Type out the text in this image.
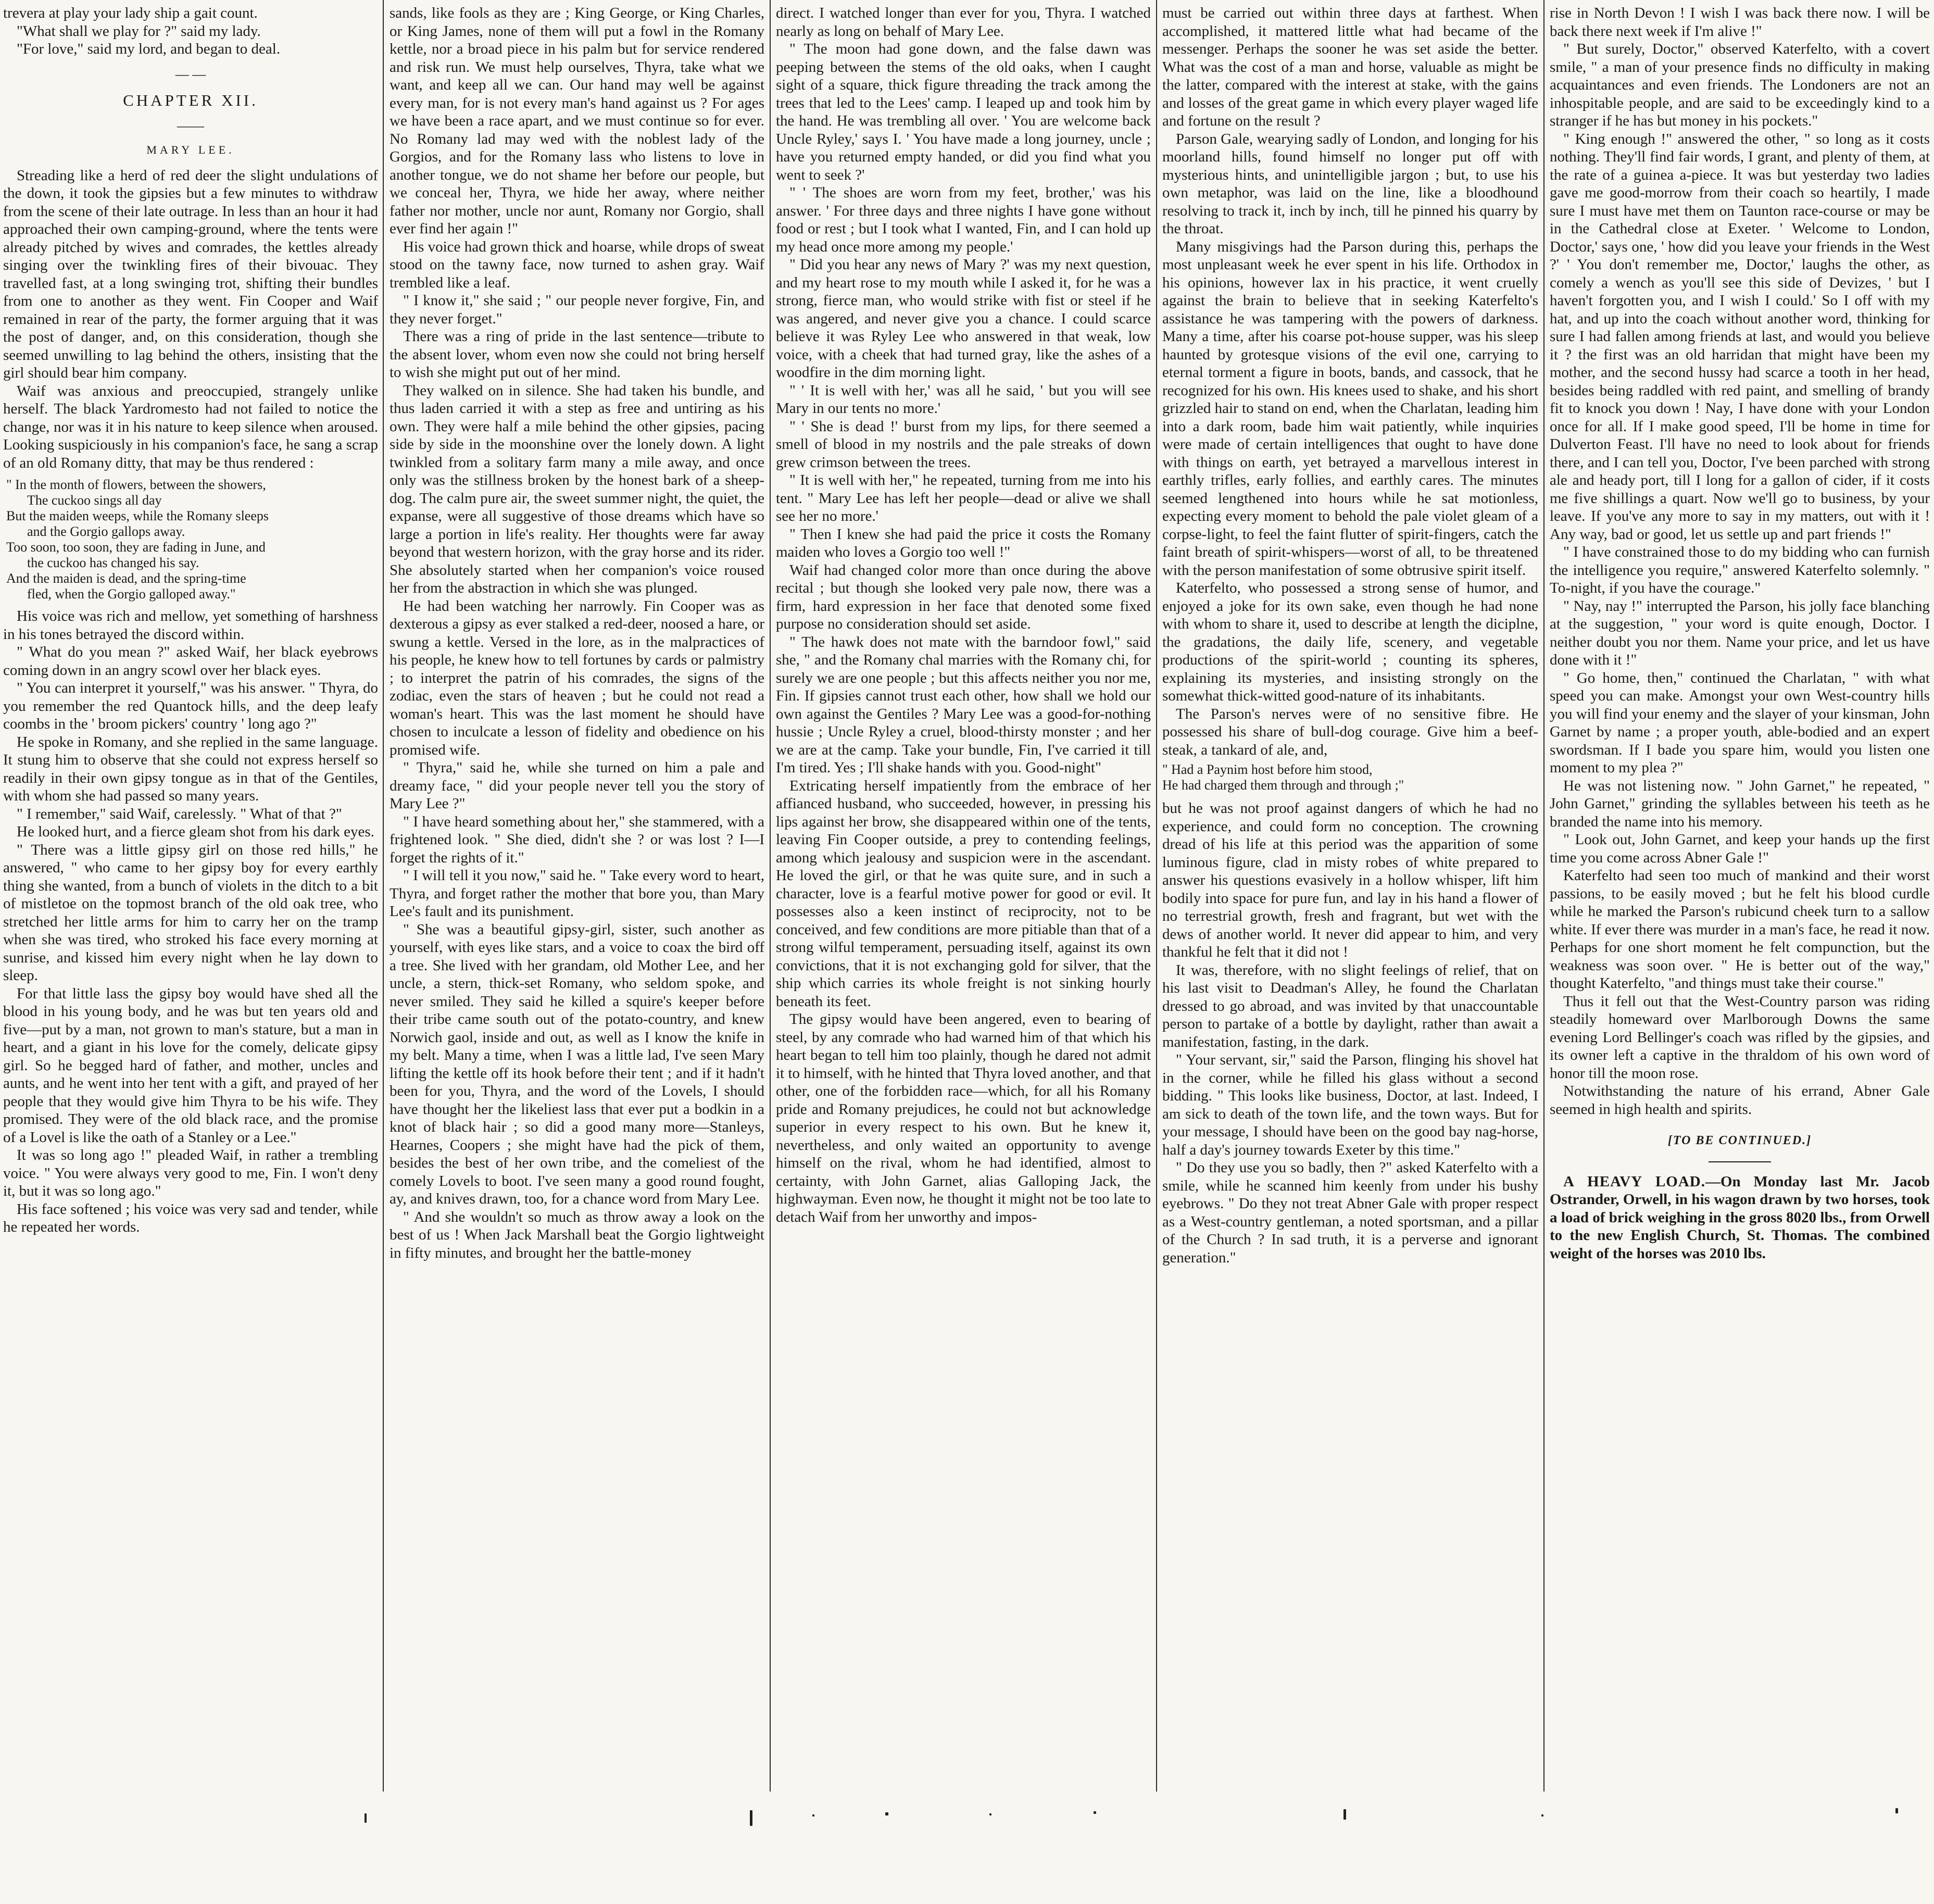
trevera at play your lady ship a gait count.

"What shall we play for ?" said my lady.

"For love," said my lord, and began to deal.

— —

CHAPTER XII.

——

MARY LEE.

Streading like a herd of red deer the slight undulations of the down, it took the gipsies but a few minutes to withdraw from the scene of their late outrage. In less than an hour it had approached their own camping-ground, where the tents were already pitched by wives and comrades, the kettles already singing over the twinkling fires of their bivouac. They travelled fast, at a long swinging trot, shifting their bundles from one to another as they went. Fin Cooper and Waif remained in rear of the party, the former arguing that it was the post of danger, and, on this consideration, though she seemed unwilling to lag behind the others, insisting that the girl should bear him company.

Waif was anxious and preoccupied, strangely unlike herself. The black Yardromesto had not failed to notice the change, nor was it in his nature to keep silence when aroused. Looking suspiciously in his companion's face, he sang a scrap of an old Romany ditty, that may be thus rendered :

" In the month of flowers, between the showers,
The cuckoo sings all day
But the maiden weeps, while the Romany sleeps
and the Gorgio gallops away.
Too soon, too soon, they are fading in June, and
the cuckoo has changed his say.
And the maiden is dead, and the spring-time
fled, when the Gorgio galloped away."

His voice was rich and mellow, yet something of harshness in his tones betrayed the discord within.

" What do you mean ?" asked Waif, her black eyebrows coming down in an angry scowl over her black eyes.

" You can interpret it yourself," was his answer. " Thyra, do you remember the red Quantock hills, and the deep leafy coombs in the ' broom pickers' country ' long ago ?"

He spoke in Romany, and she replied in the same language. It stung him to observe that she could not express herself so readily in their own gipsy tongue as in that of the Gentiles, with whom she had passed so many years.

" I remember," said Waif, carelessly. " What of that ?"

He looked hurt, and a fierce gleam shot from his dark eyes.

" There was a little gipsy girl on those red hills," he answered, " who came to her gipsy boy for every earthly thing she wanted, from a bunch of violets in the ditch to a bit of mistletoe on the topmost branch of the old oak tree, who stretched her little arms for him to carry her on the tramp when she was tired, who stroked his face every morning at sunrise, and kissed him every night when he lay down to sleep.

For that little lass the gipsy boy would have shed all the blood in his young body, and he was but ten years old and five—put by a man, not grown to man's stature, but a man in heart, and a giant in his love for the comely, delicate gipsy girl. So he begged hard of father, and mother, uncles and aunts, and he went into her tent with a gift, and prayed of her people that they would give him Thyra to be his wife. They promised. They were of the old black race, and the promise of a Lovel is like the oath of a Stanley or a Lee."

It was so long ago !" pleaded Waif, in rather a trembling voice. " You were always very good to me, Fin. I won't deny it, but it was so long ago."

His face softened ; his voice was very sad and tender, while he repeated her words.

sands, like fools as they are ; King George, or King Charles, or King James, none of them will put a fowl in the Romany kettle, nor a broad piece in his palm but for service rendered and risk run. We must help ourselves, Thyra, take what we want, and keep all we can. Our hand may well be against every man, for is not every man's hand against us ? For ages we have been a race apart, and we must continue so for ever. No Romany lad may wed with the noblest lady of the Gorgios, and for the Romany lass who listens to love in another tongue, we do not shame her before our people, but we conceal her, Thyra, we hide her away, where neither father nor mother, uncle nor aunt, Romany nor Gorgio, shall ever find her again !"

His voice had grown thick and hoarse, while drops of sweat stood on the tawny face, now turned to ashen gray. Waif trembled like a leaf.

" I know it," she said ; " our people never forgive, Fin, and they never forget."

There was a ring of pride in the last sentence—tribute to the absent lover, whom even now she could not bring herself to wish she might put out of her mind.

They walked on in silence. She had taken his bundle, and thus laden carried it with a step as free and untiring as his own. They were half a mile behind the other gipsies, pacing side by side in the moonshine over the lonely down. A light twinkled from a solitary farm many a mile away, and once only was the stillness broken by the honest bark of a sheep-dog. The calm pure air, the sweet summer night, the quiet, the expanse, were all suggestive of those dreams which have so large a portion in life's reality. Her thoughts were far away beyond that western horizon, with the gray horse and its rider. She absolutely started when her companion's voice roused her from the abstraction in which she was plunged.

He had been watching her narrowly. Fin Cooper was as dexterous a gipsy as ever stalked a red-deer, noosed a hare, or swung a kettle. Versed in the lore, as in the malpractices of his people, he knew how to tell fortunes by cards or palmistry ; to interpret the patrin of his comrades, the signs of the zodiac, even the stars of heaven ; but he could not read a woman's heart. This was the last moment he should have chosen to inculcate a lesson of fidelity and obedience on his promised wife.

" Thyra," said he, while she turned on him a pale and dreamy face, " did your people never tell you the story of Mary Lee ?"

" I have heard something about her," she stammered, with a frightened look. " She died, didn't she ? or was lost ? I—I forget the rights of it."

" I will tell it you now," said he. " Take every word to heart, Thyra, and forget rather the mother that bore you, than Mary Lee's fault and its punishment.

" She was a beautiful gipsy-girl, sister, such another as yourself, with eyes like stars, and a voice to coax the bird off a tree. She lived with her grandam, old Mother Lee, and her uncle, a stern, thick-set Romany, who seldom spoke, and never smiled. They said he killed a squire's keeper before their tribe came south out of the potato-country, and knew Norwich gaol, inside and out, as well as I know the knife in my belt. Many a time, when I was a little lad, I've seen Mary lifting the kettle off its hook before their tent ; and if it hadn't been for you, Thyra, and the word of the Lovels, I should have thought her the likeliest lass that ever put a bodkin in a knot of black hair ; so did a good many more—Stanleys, Hearnes, Coopers ; she might have had the pick of them, besides the best of her own tribe, and the comeliest of the comely Lovels to boot. I've seen many a good round fought, ay, and knives drawn, too, for a chance word from Mary Lee.

" And she wouldn't so much as throw away a look on the best of us ! When Jack Marshall beat the Gorgio lightweight in fifty minutes, and brought her the battle-money

direct. I watched longer than ever for you, Thyra. I watched nearly as long on behalf of Mary Lee.

" The moon had gone down, and the false dawn was peeping between the stems of the old oaks, when I caught sight of a square, thick figure threading the track among the trees that led to the Lees' camp. I leaped up and took him by the hand. He was trembling all over. ' You are welcome back Uncle Ryley,' says I. ' You have made a long journey, uncle ; have you returned empty handed, or did you find what you went to seek ?'

" ' The shoes are worn from my feet, brother,' was his answer. ' For three days and three nights I have gone without food or rest ; but I took what I wanted, Fin, and I can hold up my head once more among my people.'

" Did you hear any news of Mary ?' was my next question, and my heart rose to my mouth while I asked it, for he was a strong, fierce man, who would strike with fist or steel if he was angered, and never give you a chance. I could scarce believe it was Ryley Lee who answered in that weak, low voice, with a cheek that had turned gray, like the ashes of a woodfire in the dim morning light.

" ' It is well with her,' was all he said, ' but you will see Mary in our tents no more.'

" ' She is dead !' burst from my lips, for there seemed a smell of blood in my nostrils and the pale streaks of down grew crimson between the trees.

" It is well with her," he repeated, turning from me into his tent. " Mary Lee has left her people—dead or alive we shall see her no more.'

" Then I knew she had paid the price it costs the Romany maiden who loves a Gorgio too well !"

Waif had changed color more than once during the above recital ; but though she looked very pale now, there was a firm, hard expression in her face that denoted some fixed purpose no consideration should set aside.

" The hawk does not mate with the barndoor fowl," said she, " and the Romany chal marries with the Romany chi, for surely we are one people ; but this affects neither you nor me, Fin. If gipsies cannot trust each other, how shall we hold our own against the Gentiles ? Mary Lee was a good-for-nothing hussie ; Uncle Ryley a cruel, blood-thirsty monster ; and her we are at the camp. Take your bundle, Fin, I've carried it till I'm tired. Yes ; I'll shake hands with you. Good-night"

Extricating herself impatiently from the embrace of her affianced husband, who succeeded, however, in pressing his lips against her brow, she disappeared within one of the tents, leaving Fin Cooper outside, a prey to contending feelings, among which jealousy and suspicion were in the ascendant. He loved the girl, or that he was quite sure, and in such a character, love is a fearful motive power for good or evil. It possesses also a keen instinct of reciprocity, not to be conceived, and few conditions are more pitiable than that of a strong wilful temperament, persuading itself, against its own convictions, that it is not exchanging gold for silver, that the ship which carries its whole freight is not sinking hourly beneath its feet.

The gipsy would have been angered, even to bearing of steel, by any comrade who had warned him of that which his heart began to tell him too plainly, though he dared not admit it to himself, with he hinted that Thyra loved another, and that other, one of the forbidden race—which, for all his Romany pride and Romany prejudices, he could not but acknowledge superior in every respect to his own. But he knew it, nevertheless, and only waited an opportunity to avenge himself on the rival, whom he had identified, almost to certainty, with John Garnet, alias Galloping Jack, the highwayman. Even now, he thought it might not be too late to detach Waif from her unworthy and impos-

must be carried out within three days at farthest. When accomplished, it mattered little what had became of the messenger. Perhaps the sooner he was set aside the better. What was the cost of a man and horse, valuable as might be the latter, compared with the interest at stake, with the gains and losses of the great game in which every player waged life and fortune on the result ?

Parson Gale, wearying sadly of London, and longing for his moorland hills, found himself no longer put off with mysterious hints, and unintelligible jargon ; but, to use his own metaphor, was laid on the line, like a bloodhound resolving to track it, inch by inch, till he pinned his quarry by the throat.

Many misgivings had the Parson during this, perhaps the most unpleasant week he ever spent in his life. Orthodox in his opinions, however lax in his practice, it went cruelly against the brain to believe that in seeking Katerfelto's assistance he was tampering with the powers of darkness. Many a time, after his coarse pot-house supper, was his sleep haunted by grotesque visions of the evil one, carrying to eternal torment a figure in boots, bands, and cassock, that he recognized for his own. His knees used to shake, and his short grizzled hair to stand on end, when the Charlatan, leading him into a dark room, bade him wait patiently, while inquiries were made of certain intelligences that ought to have done with things on earth, yet betrayed a marvellous interest in earthly trifles, early follies, and earthly cares. The minutes seemed lengthened into hours while he sat motionless, expecting every moment to behold the pale violet gleam of a corpse-light, to feel the faint flutter of spirit-fingers, catch the faint breath of spirit-whispers—worst of all, to be threatened with the person manifestation of some obtrusive spirit itself.

Katerfelto, who possessed a strong sense of humor, and enjoyed a joke for its own sake, even though he had none with whom to share it, used to describe at length the diciplne, the gradations, the daily life, scenery, and vegetable productions of the spirit-world ; counting its spheres, explaining its mysteries, and insisting strongly on the somewhat thick-witted good-nature of its inhabitants.

The Parson's nerves were of no sensitive fibre. He possessed his share of bull-dog courage. Give him a beef-steak, a tankard of ale, and,

" Had a Paynim host before him stood,
He had charged them through and through ;"

but he was not proof against dangers of which he had no experience, and could form no conception. The crowning dread of his life at this period was the apparition of some luminous figure, clad in misty robes of white prepared to answer his questions evasively in a hollow whisper, lift him bodily into space for pure fun, and lay in his hand a flower of no terrestrial growth, fresh and fragrant, but wet with the dews of another world. It never did appear to him, and very thankful he felt that it did not !

It was, therefore, with no slight feelings of relief, that on his last visit to Deadman's Alley, he found the Charlatan dressed to go abroad, and was invited by that unaccountable person to partake of a bottle by daylight, rather than await a manifestation, fasting, in the dark.

" Your servant, sir," said the Parson, flinging his shovel hat in the corner, while he filled his glass without a second bidding. " This looks like business, Doctor, at last. Indeed, I am sick to death of the town life, and the town ways. But for your message, I should have been on the good bay nag-horse, half a day's journey towards Exeter by this time."

" Do they use you so badly, then ?" asked Katerfelto with a smile, while he scanned him keenly from under his bushy eyebrows. " Do they not treat Abner Gale with proper respect as a West-country gentleman, a noted sportsman, and a pillar of the Church ? In sad truth, it is a perverse and ignorant generation."

rise in North Devon ! I wish I was back there now. I will be back there next week if I'm alive !"

" But surely, Doctor," observed Katerfelto, with a covert smile, " a man of your presence finds no difficulty in making acquaintances and even friends. The Londoners are not an inhospitable people, and are said to be exceedingly kind to a stranger if he has but money in his pockets."

" King enough !" answered the other, " so long as it costs nothing. They'll find fair words, I grant, and plenty of them, at the rate of a guinea a-piece. It was but yesterday two ladies gave me good-morrow from their coach so heartily, I made sure I must have met them on Taunton race-course or may be in the Cathedral close at Exeter. ' Welcome to London, Doctor,' says one, ' how did you leave your friends in the West ?' ' You don't remember me, Doctor,' laughs the other, as comely a wench as you'll see this side of Devizes, ' but I haven't forgotten you, and I wish I could.' So I off with my hat, and up into the coach without another word, thinking for sure I had fallen among friends at last, and would you believe it ? the first was an old harridan that might have been my mother, and the second hussy had scarce a tooth in her head, besides being raddled with red paint, and smelling of brandy fit to knock you down ! Nay, I have done with your London once for all. If I make good speed, I'll be home in time for Dulverton Feast. I'll have no need to look about for friends there, and I can tell you, Doctor, I've been parched with strong ale and heady port, till I long for a gallon of cider, if it costs me five shillings a quart. Now we'll go to business, by your leave. If you've any more to say in my matters, out with it ! Any way, bad or good, let us settle up and part friends !"

" I have constrained those to do my bidding who can furnish the intelligence you require," answered Katerfelto solemnly. " To-night, if you have the courage."

" Nay, nay !" interrupted the Parson, his jolly face blanching at the suggestion, " your word is quite enough, Doctor. I neither doubt you nor them. Name your price, and let us have done with it !"

" Go home, then," continued the Charlatan, " with what speed you can make. Amongst your own West-country hills you will find your enemy and the slayer of your kinsman, John Garnet by name ; a proper youth, able-bodied and an expert swordsman. If I bade you spare him, would you listen one moment to my plea ?"

He was not listening now. " John Garnet," he repeated, " John Garnet," grinding the syllables between his teeth as he branded the name into his memory.

" Look out, John Garnet, and keep your hands up the first time you come across Abner Gale !"

Katerfelto had seen too much of mankind and their worst passions, to be easily moved ; but he felt his blood curdle while he marked the Parson's rubicund cheek turn to a sallow white. If ever there was murder in a man's face, he read it now. Perhaps for one short moment he felt compunction, but the weakness was soon over. " He is better out of the way," thought Katerfelto, "and things must take their course."

Thus it fell out that the West-Country parson was riding steadily homeward over Marlborough Downs the same evening Lord Bellinger's coach was rifled by the gipsies, and its owner left a captive in the thraldom of his own word of honor till the moon rose.

Notwithstanding the nature of his errand, Abner Gale seemed in high health and spirits.

[TO BE CONTINUED.]

A HEAVY LOAD.—On Monday last Mr. Jacob Ostrander, Orwell, in his wagon drawn by two horses, took a load of brick weighing in the gross 8020 lbs., from Orwell to the new English Church, St. Thomas. The combined weight of the horses was 2010 lbs.
